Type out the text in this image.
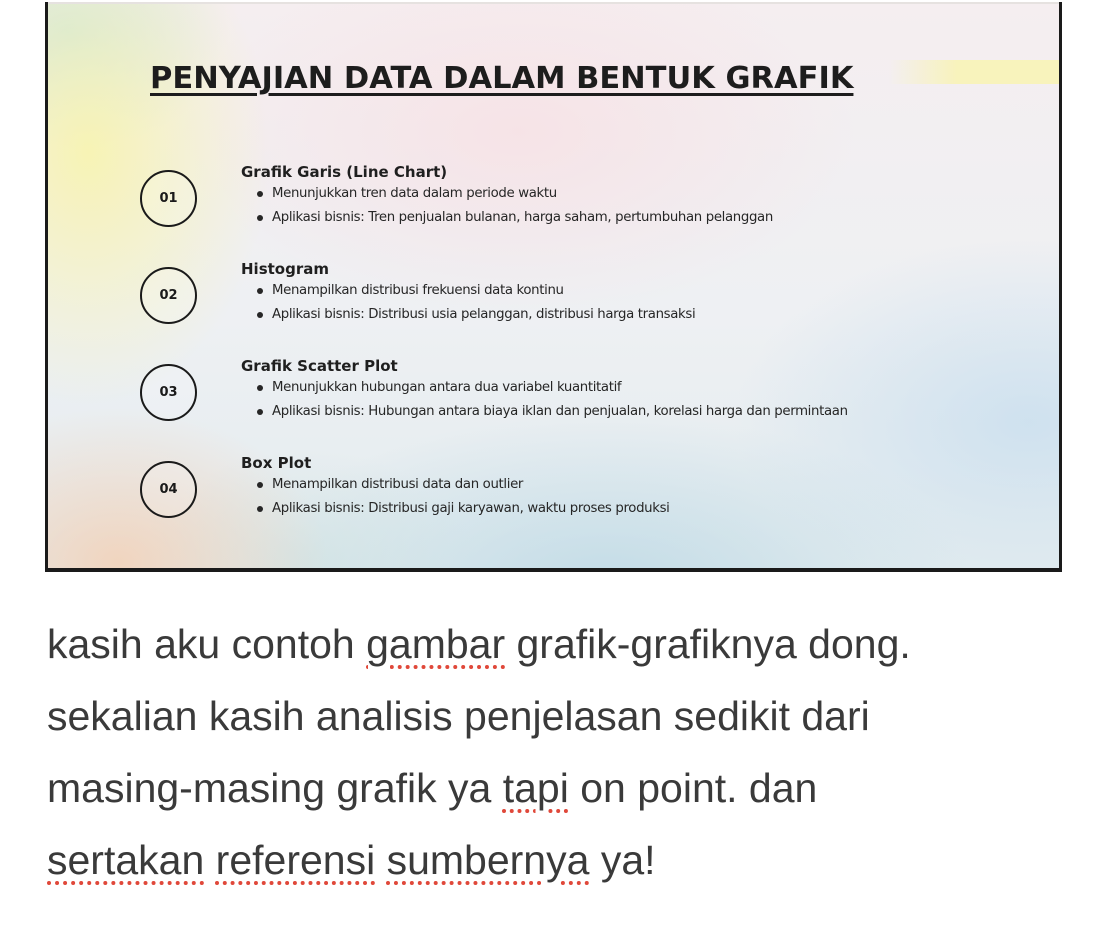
PENYAJIAN DATA DALAM BENTUK GRAFIK
01
Grafik Garis (Line Chart)
Menunjukkan tren data dalam periode waktu
Aplikasi bisnis: Tren penjualan bulanan, harga saham, pertumbuhan pelanggan
02
Histogram
Menampilkan distribusi frekuensi data kontinu
Aplikasi bisnis: Distribusi usia pelanggan, distribusi harga transaksi
03
Grafik Scatter Plot
Menunjukkan hubungan antara dua variabel kuantitatif
Aplikasi bisnis: Hubungan antara biaya iklan dan penjualan, korelasi harga dan permintaan
04
Box Plot
Menampilkan distribusi data dan outlier
Aplikasi bisnis: Distribusi gaji karyawan, waktu proses produksi
kasih aku contoh gambar grafik-grafiknya dong.
sekalian kasih analisis penjelasan sedikit dari
masing-masing grafik ya tapi on point. dan
sertakan referensi sumbernya ya!
